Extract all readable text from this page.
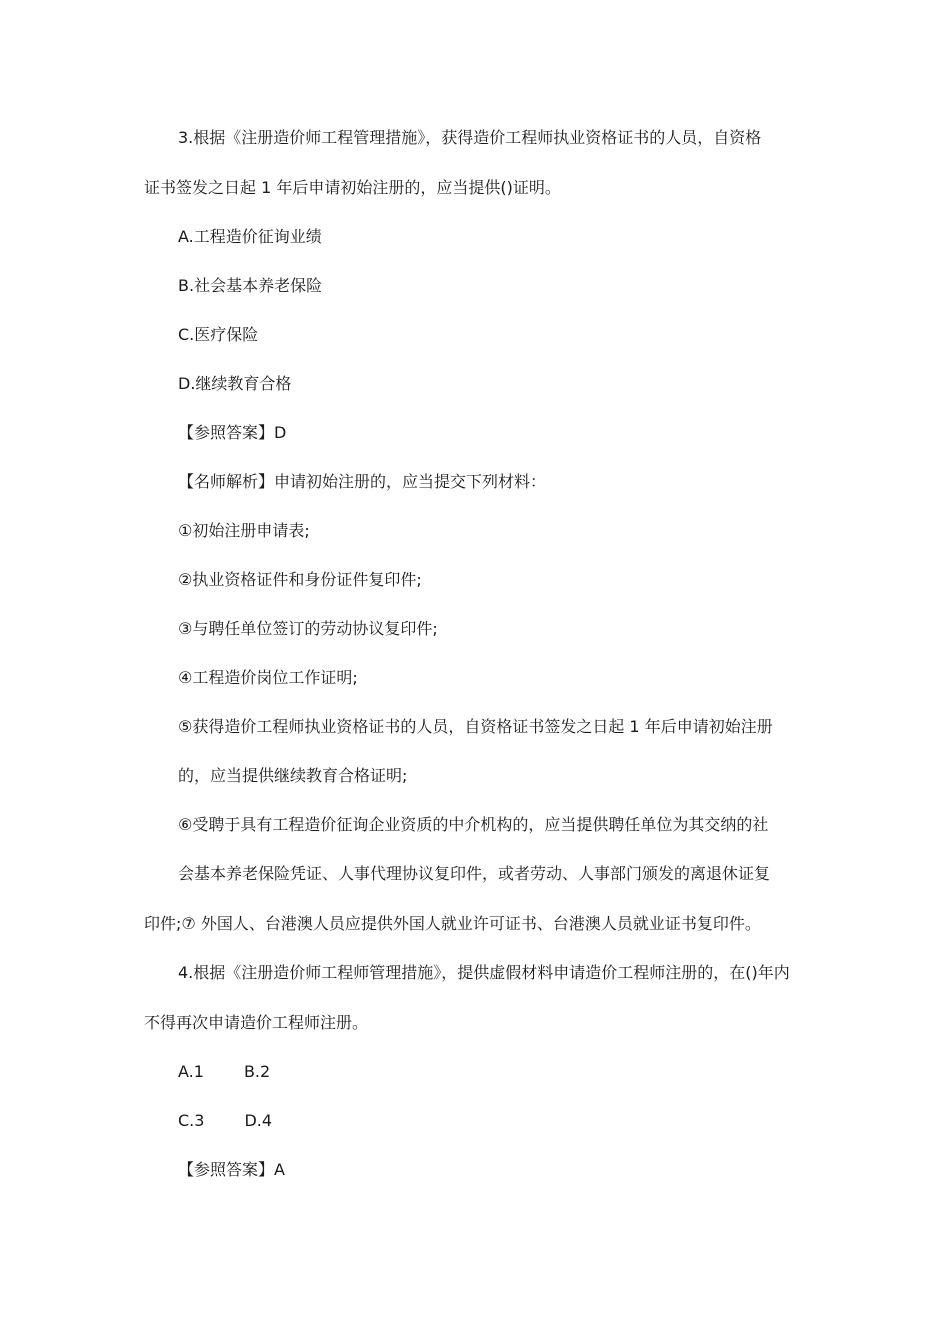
3.根据《注册造价师工程管理措施》，获得造价工程师执业资格证书的人员，自资格
证书签发之日起 1 年后申请初始注册的，应当提供()证明。
A.工程造价征询业绩
B.社会基本养老保险
C.医疗保险
D.继续教育合格
【参照答案】D
【名师解析】申请初始注册的，应当提交下列材料：
①初始注册申请表;
②执业资格证件和身份证件复印件;
③与聘任单位签订的劳动协议复印件;
④工程造价岗位工作证明;
⑤获得造价工程师执业资格证书的人员，自资格证书签发之日起 1 年后申请初始注册
的，应当提供继续教育合格证明;
⑥受聘于具有工程造价征询企业资质的中介机构的，应当提供聘任单位为其交纳的社
会基本养老保险凭证、人事代理协议复印件，或者劳动、人事部门颁发的离退休证复
印件;⑦ 外国人、台港澳人员应提供外国人就业许可证书、台港澳人员就业证书复印件。
4.根据《注册造价师工程师管理措施》，提供虚假材料申请造价工程师注册的，在()年内
不得再次申请造价工程师注册。
A.1	B.2
C.3	D.4
【参照答案】A
